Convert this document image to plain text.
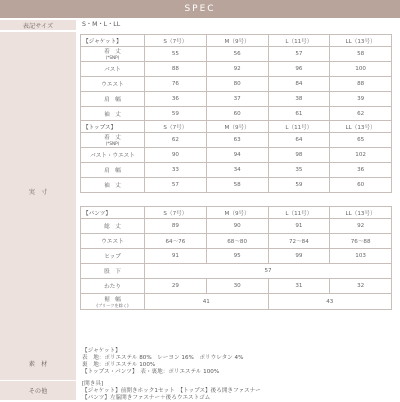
SPEC
表記サイズ	S・M・L・LL
実　寸
【ジャケット】	S（7号）	M（9号）	L（11号）	LL（13号）
着　丈
(*SNP)	55	56	57	58
バスト	88	92	96	100
ウエスト	76	80	84	88
肩　幅	36	37	38	39
袖　丈	59	60	61	62
【トップス】	S（7号）	M（9号）	L（11号）	LL（13号）
着　丈
(*SNP)	62	63	64	65
バスト・ウエスト	90	94	98	102
肩　幅	33	34	35	36
袖　丈	57	58	59	60
【パンツ】	S（7号）	M（9号）	L（11号）	LL（13号）
総　丈	89	90	91	92
ウエスト	64〜76	68〜80	72〜84	76〜88
ヒップ	91	95	99	103
股　下	57			
わたり	29	30	31	32
裾　幅
(プリーツを除く)	41		43	
素　材
【ジャケット】
表　地：ポリエステル 80%　レーヨン 16%　ポリウレタン 4%
裏　地：ポリエステル 100%
【トップス・パンツ】　表・裏地：ポリエステル 100%
その他
[開き具]
【ジャケット】前開きホック1セット　【トップス】後ろ開きファスナー
【パンツ】左脇開きファスナー＋後ろウエストゴム
